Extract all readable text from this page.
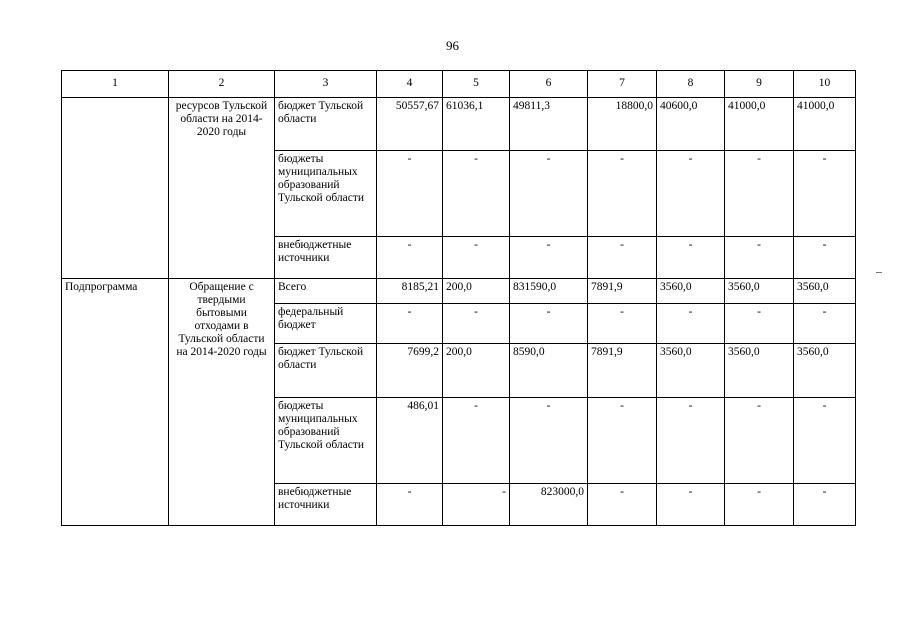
96
1	2	3	4	5	6	7	8	9	10
	ресурсов Тульской области на 2014-2020 годы	бюджет Тульской области	50557,67	61036,1	49811,3	18800,0	40600,0	41000,0	41000,0
		бюджеты муниципальных образований Тульской области	-	-	-	-	-	-	-
		внебюджетные источники	-	-	-	-	-	-	-
Подпрограмма	Обращение с твердыми бытовыми отходами в Тульской области на 2014-2020 годы	Всего	8185,21	200,0	831590,0	7891,9	3560,0	3560,0	3560,0
		федеральный бюджет	-	-	-	-	-	-	-
		бюджет Тульской области	7699,2	200,0	8590,0	7891,9	3560,0	3560,0	3560,0
		бюджеты муниципальных образований Тульской области	486,01	-	-	-	-	-	-
		внебюджетные источники	-	-	823000,0	-	-	-	-
